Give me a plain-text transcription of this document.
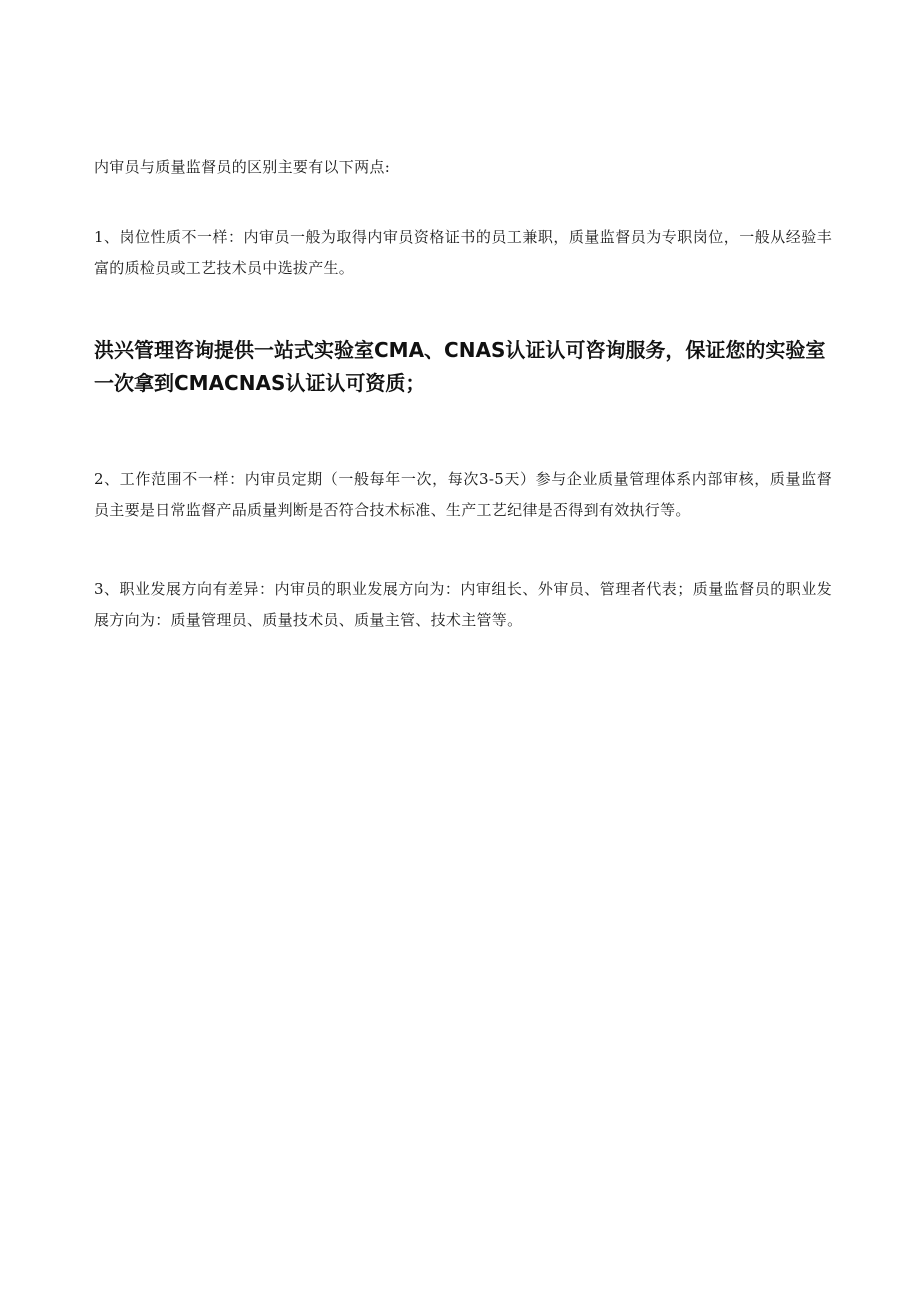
内审员与质量监督员的区别主要有以下两点:

1、岗位性质不一样：内审员一般为取得内审员资格证书的员工兼职，质量监督员为专职岗位，一般从经验丰富的质检员或工艺技术员中选拔产生。

洪兴管理咨询提供一站式实验室CMA、CNAS认证认可咨询服务，保证您的实验室一次拿到CMACNAS认证认可资质；

2、工作范围不一样：内审员定期（一般每年一次，每次3-5天）参与企业质量管理体系内部审核，质量监督员主要是日常监督产品质量判断是否符合技术标准、生产工艺纪律是否得到有效执行等。

3、职业发展方向有差异：内审员的职业发展方向为：内审组长、外审员、管理者代表；质量监督员的职业发展方向为：质量管理员、质量技术员、质量主管、技术主管等。
